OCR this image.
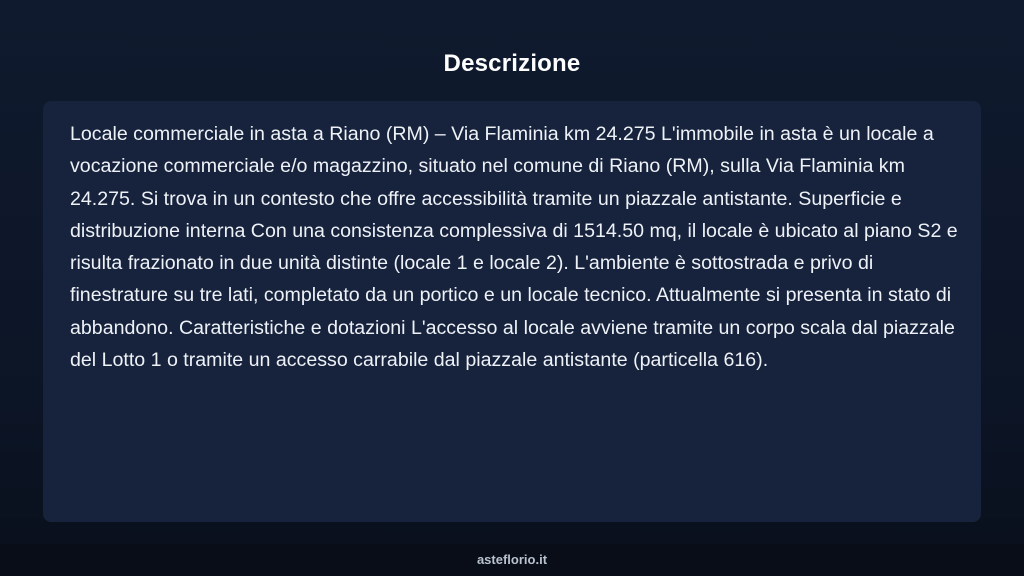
Descrizione

Locale commerciale in asta a Riano (RM) – Via Flaminia km 24.275 L'immobile in asta è un locale a vocazione commerciale e/o magazzino, situato nel comune di Riano (RM), sulla Via Flaminia km 24.275. Si trova in un contesto che offre accessibilità tramite un piazzale antistante. Superficie e distribuzione interna Con una consistenza complessiva di 1514.50 mq, il locale è ubicato al piano S2 e risulta frazionato in due unità distinte (locale 1 e locale 2). L'ambiente è sottostrada e privo di finestrature su tre lati, completato da un portico e un locale tecnico. Attualmente si presenta in stato di abbandono. Caratteristiche e dotazioni L'accesso al locale avviene tramite un corpo scala dal piazzale del Lotto 1 o tramite un accesso carrabile dal piazzale antistante (particella 616).

asteflorio.it
